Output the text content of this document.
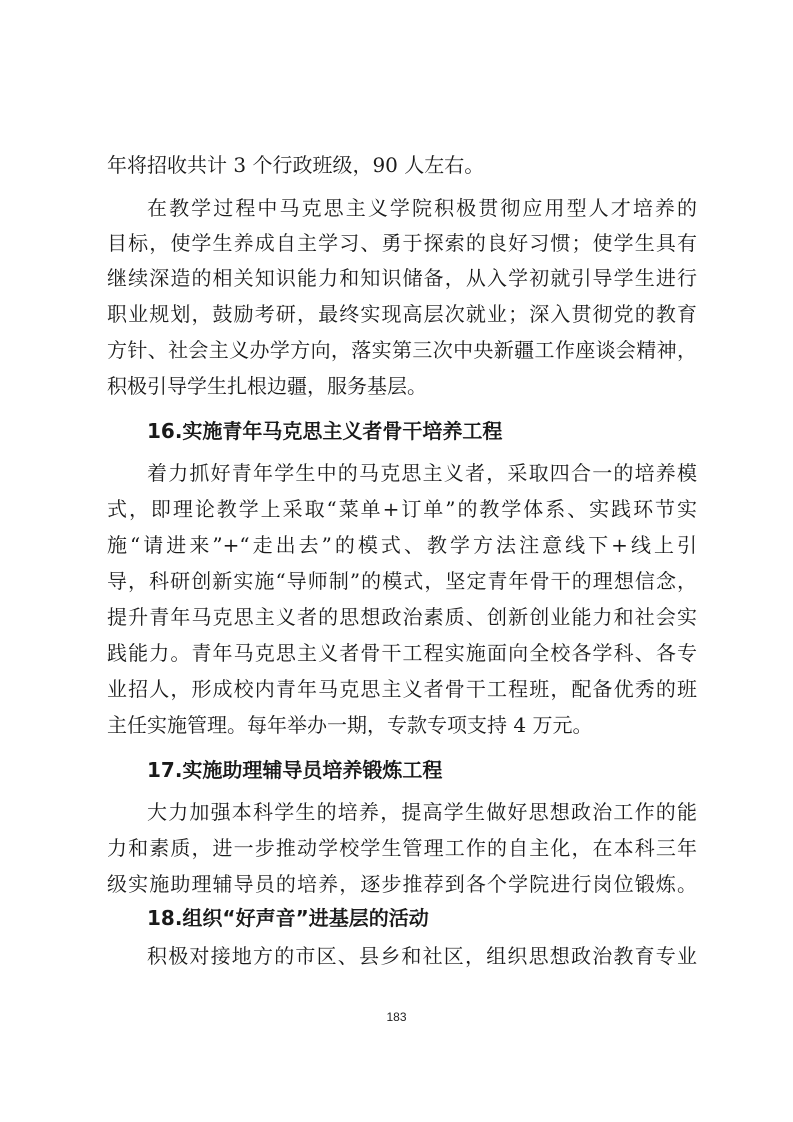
年将招收共计 3 个行政班级，90 人左右。
在教学过程中马克思主义学院积极贯彻应用型人才培养的
目标，使学生养成自主学习、勇于探索的良好习惯；使学生具有
继续深造的相关知识能力和知识储备，从入学初就引导学生进行
职业规划，鼓励考研，最终实现高层次就业；深入贯彻党的教育
方针、社会主义办学方向，落实第三次中央新疆工作座谈会精神，
积极引导学生扎根边疆，服务基层。
16.实施青年马克思主义者骨干培养工程
着力抓好青年学生中的马克思主义者，采取四合一的培养模
式，即理论教学上采取“菜单+订单”的教学体系、实践环节实
施“请进来”+“走出去”的模式、教学方法注意线下+线上引
导，科研创新实施“导师制”的模式，坚定青年骨干的理想信念，
提升青年马克思主义者的思想政治素质、创新创业能力和社会实
践能力。青年马克思主义者骨干工程实施面向全校各学科、各专
业招人，形成校内青年马克思主义者骨干工程班，配备优秀的班
主任实施管理。每年举办一期，专款专项支持 4 万元。
17.实施助理辅导员培养锻炼工程
大力加强本科学生的培养，提高学生做好思想政治工作的能
力和素质，进一步推动学校学生管理工作的自主化，在本科三年
级实施助理辅导员的培养，逐步推荐到各个学院进行岗位锻炼。
18.组织“好声音”进基层的活动
积极对接地方的市区、县乡和社区，组织思想政治教育专业
183
